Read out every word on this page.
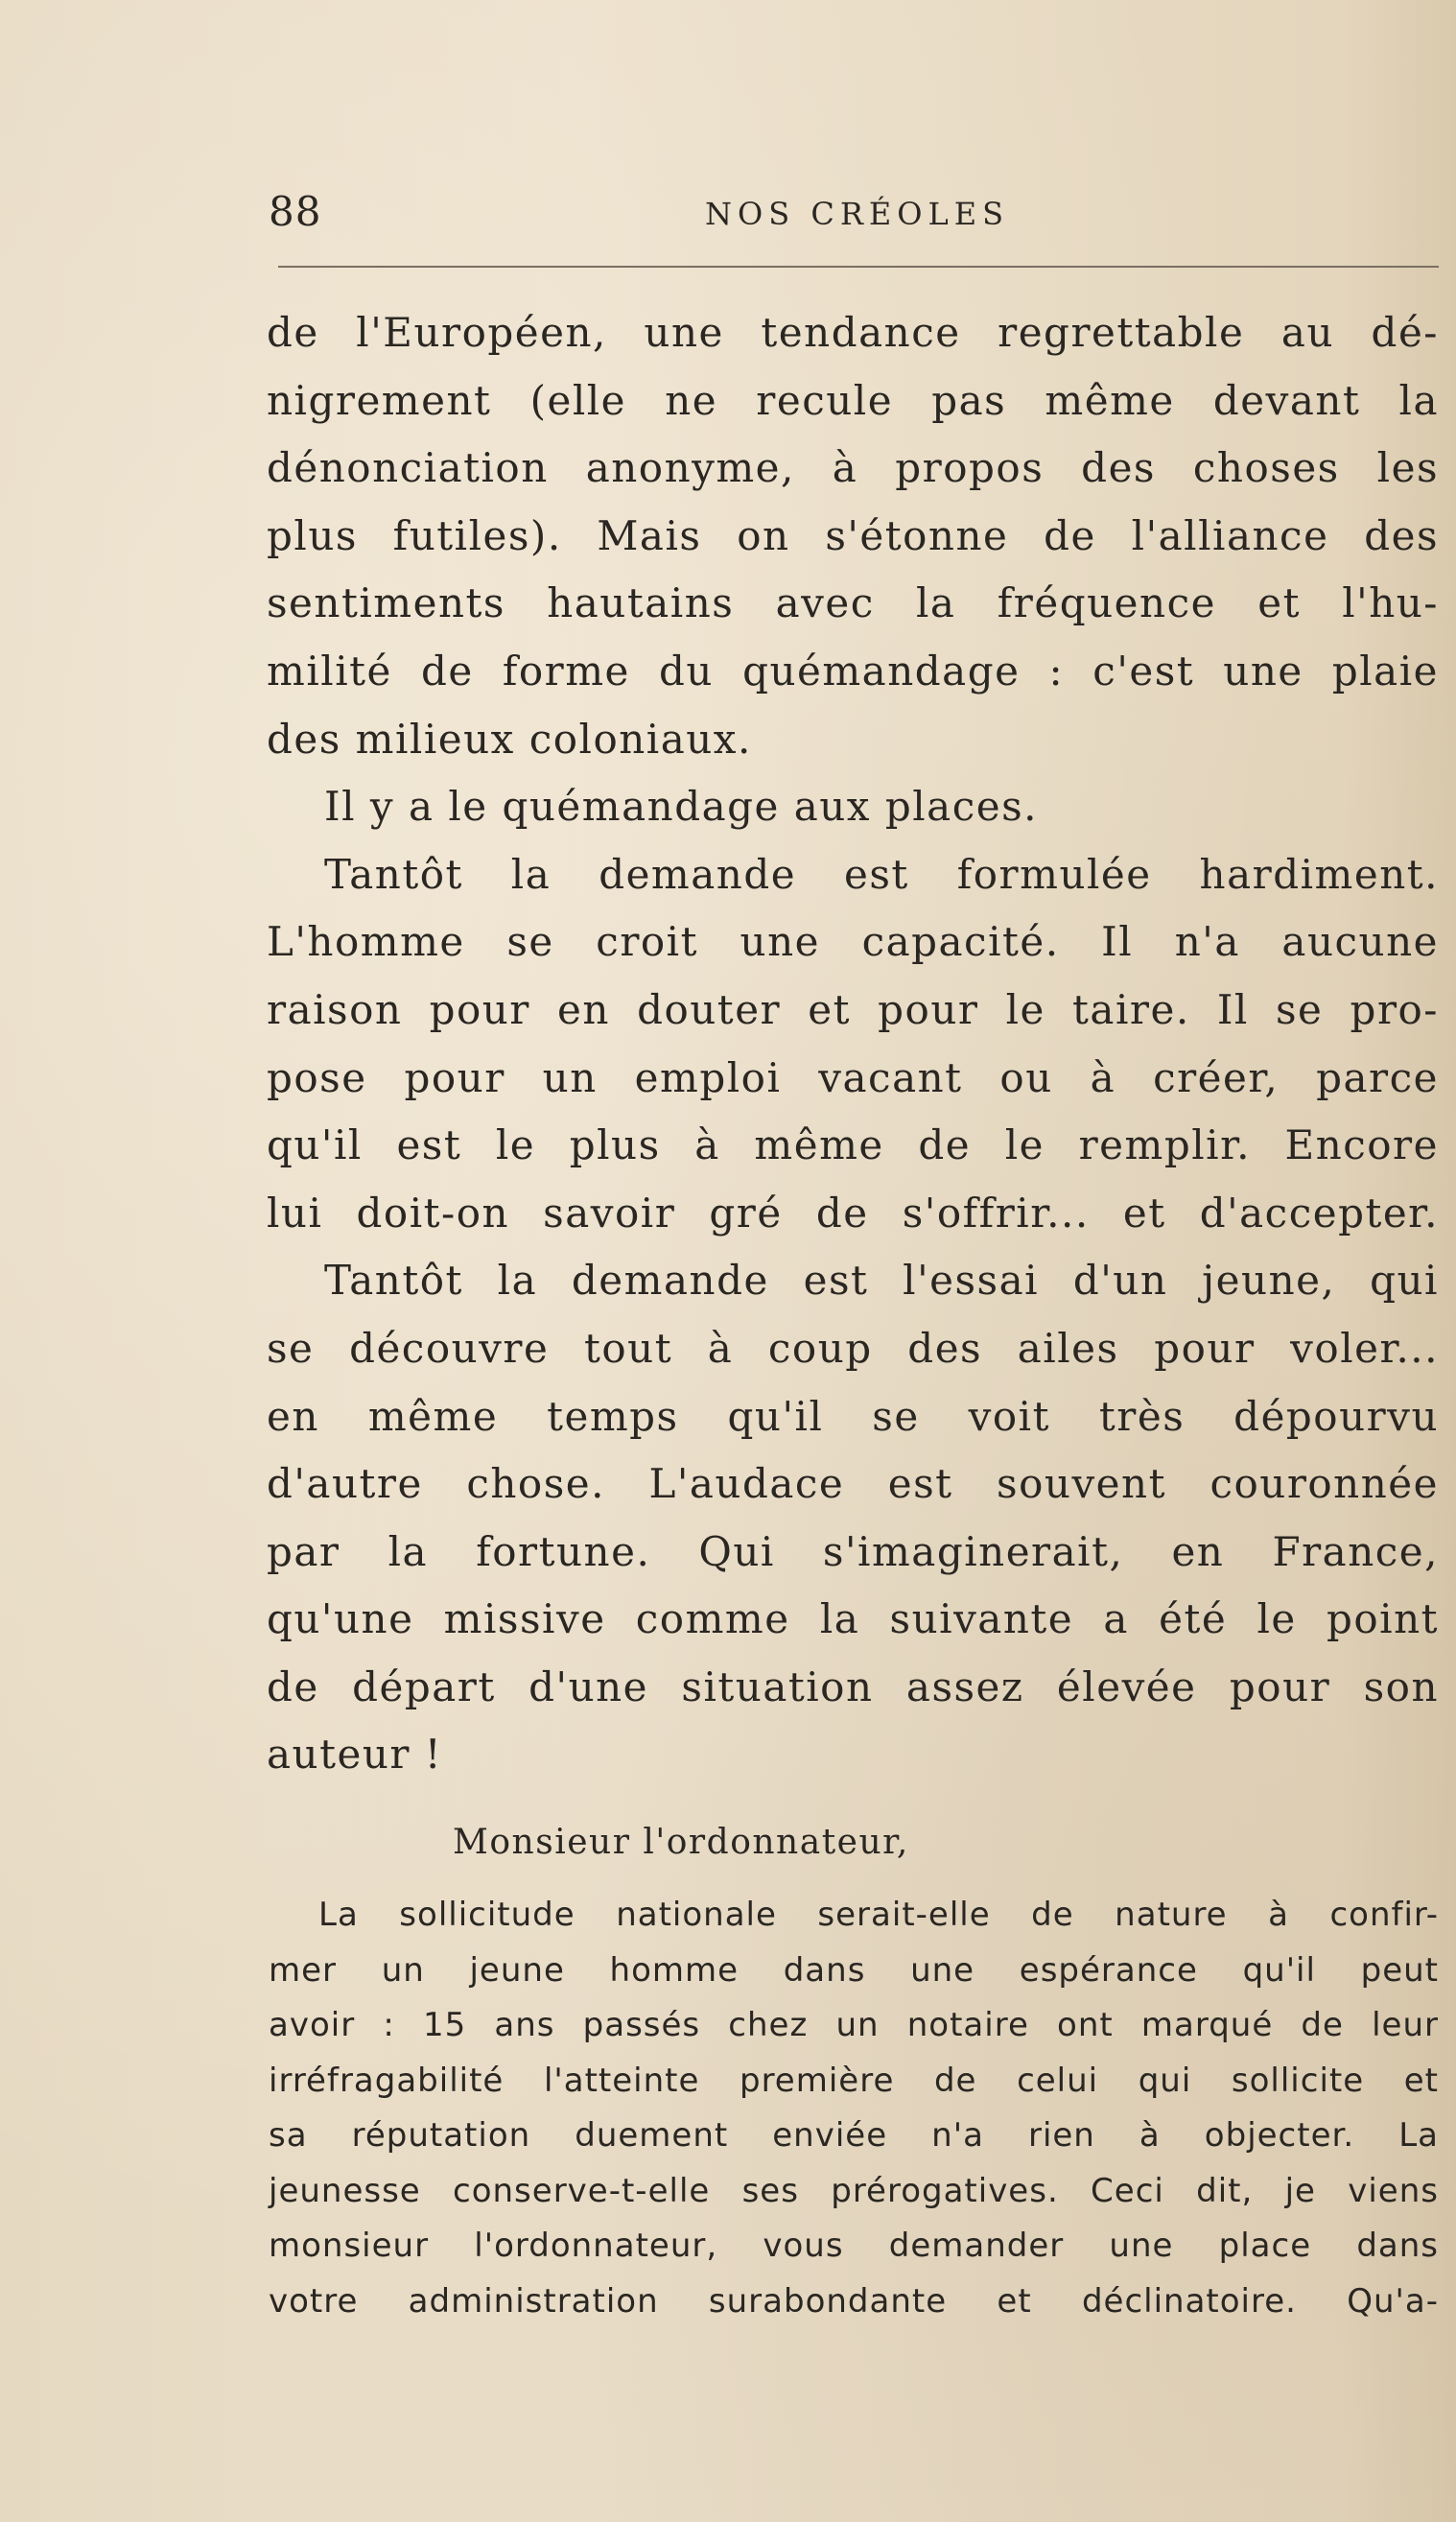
88	NOS CRÉOLES
de l'Européen, une tendance regrettable au dé-
nigrement (elle ne recule pas même devant la
dénonciation anonyme, à propos des choses les
plus futiles). Mais on s'étonne de l'alliance des
sentiments hautains avec la fréquence et l'hu-
milité de forme du quémandage : c'est une plaie
des milieux coloniaux.
Il y a le quémandage aux places.
Tantôt la demande est formulée hardiment.
L'homme se croit une capacité. Il n'a aucune
raison pour en douter et pour le taire. Il se pro-
pose pour un emploi vacant ou à créer, parce
qu'il est le plus à même de le remplir. Encore
lui doit-on savoir gré de s'offrir... et d'accepter.
Tantôt la demande est l'essai d'un jeune, qui
se découvre tout à coup des ailes pour voler...
en même temps qu'il se voit très dépourvu
d'autre chose. L'audace est souvent couronnée
par la fortune. Qui s'imaginerait, en France,
qu'une missive comme la suivante a été le point
de départ d'une situation assez élevée pour son
auteur !
Monsieur l'ordonnateur,
La sollicitude nationale serait-elle de nature à confir-
mer un jeune homme dans une espérance qu'il peut
avoir : 15 ans passés chez un notaire ont marqué de leur
irréfragabilité l'atteinte première de celui qui sollicite et
sa réputation duement enviée n'a rien à objecter. La
jeunesse conserve-t-elle ses prérogatives. Ceci dit, je viens
monsieur l'ordonnateur, vous demander une place dans
votre administration surabondante et déclinatoire. Qu'a-
